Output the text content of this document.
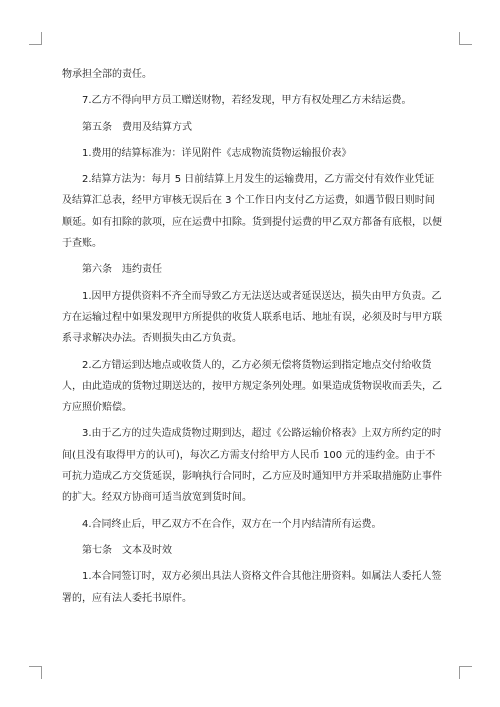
物承担全部的责任。

7.乙方不得向甲方员工赠送财物，若经发现，甲方有权处理乙方未结运费。

第五条　费用及结算方式

1.费用的结算标准为：详见附件《志成物流货物运输报价表》

2.结算方法为：每月 5 日前结算上月发生的运输费用，乙方需交付有效作业凭证及结算汇总表，经甲方审核无误后在 3 个工作日内支付乙方运费，如遇节假日则时间顺延。如有扣除的款项，应在运费中扣除。货到提付运费的甲乙双方都备有底根，以便于查账。

第六条　违约责任

1.因甲方提供资料不齐全而导致乙方无法送达或者延误送达，损失由甲方负责。乙方在运输过程中如果发现甲方所提供的收货人联系电话、地址有误，必须及时与甲方联系寻求解决办法。否则损失由乙方负责。

2.乙方错运到达地点或收货人的，乙方必须无偿将货物运到指定地点交付给收货人，由此造成的货物过期送达的，按甲方规定条列处理。如果造成货物误收而丢失，乙方应照价赔偿。

3.由于乙方的过失造成货物过期到达，超过《公路运输价格表》上双方所约定的时间(且没有取得甲方的认可)，每次乙方需支付给甲方人民币 100 元的违约金。由于不可抗力造成乙方交货延误，影响执行合同时，乙方应及时通知甲方并采取措施防止事件的扩大。经双方协商可适当放宽到货时间。

4.合同终止后，甲乙双方不在合作，双方在一个月内结清所有运费。

第七条　文本及时效

1.本合同签订时，双方必须出具法人资格文件合其他注册资料。如属法人委托人签署的，应有法人委托书原件。
